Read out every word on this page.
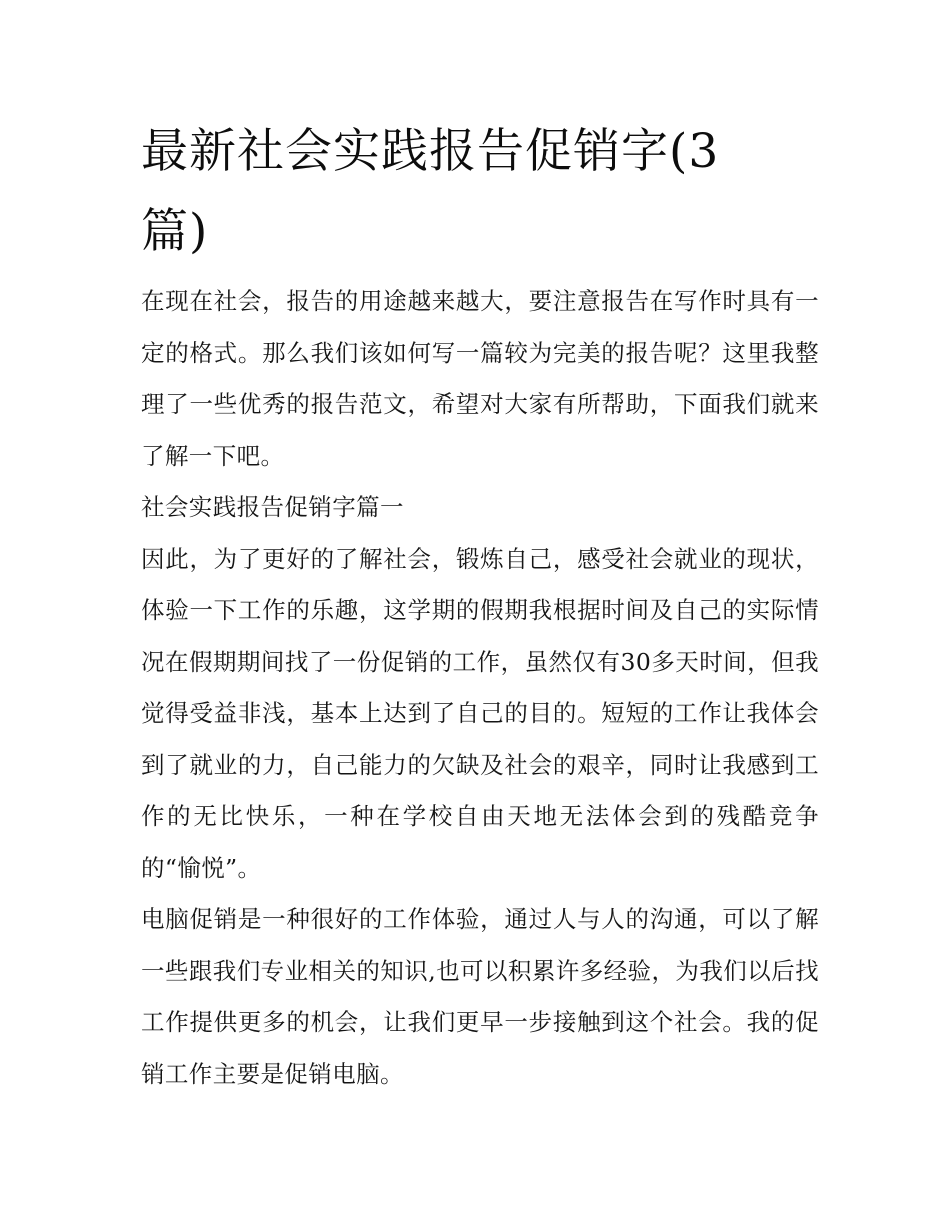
最新社会实践报告促销字(3篇)

在现在社会，报告的用途越来越大，要注意报告在写作时具有一定的格式。那么我们该如何写一篇较为完美的报告呢？这里我整理了一些优秀的报告范文，希望对大家有所帮助，下面我们就来了解一下吧。

社会实践报告促销字篇一

因此，为了更好的了解社会，锻炼自己，感受社会就业的现状，体验一下工作的乐趣，这学期的假期我根据时间及自己的实际情况在假期期间找了一份促销的工作，虽然仅有30多天时间，但我觉得受益非浅，基本上达到了自己的目的。短短的工作让我体会到了就业的力，自己能力的欠缺及社会的艰辛，同时让我感到工作的无比快乐，一种在学校自由天地无法体会到的残酷竞争的“愉悦”。

电脑促销是一种很好的工作体验，通过人与人的沟通，可以了解一些跟我们专业相关的知识,也可以积累许多经验，为我们以后找工作提供更多的机会，让我们更早一步接触到这个社会。我的促销工作主要是促销电脑。
